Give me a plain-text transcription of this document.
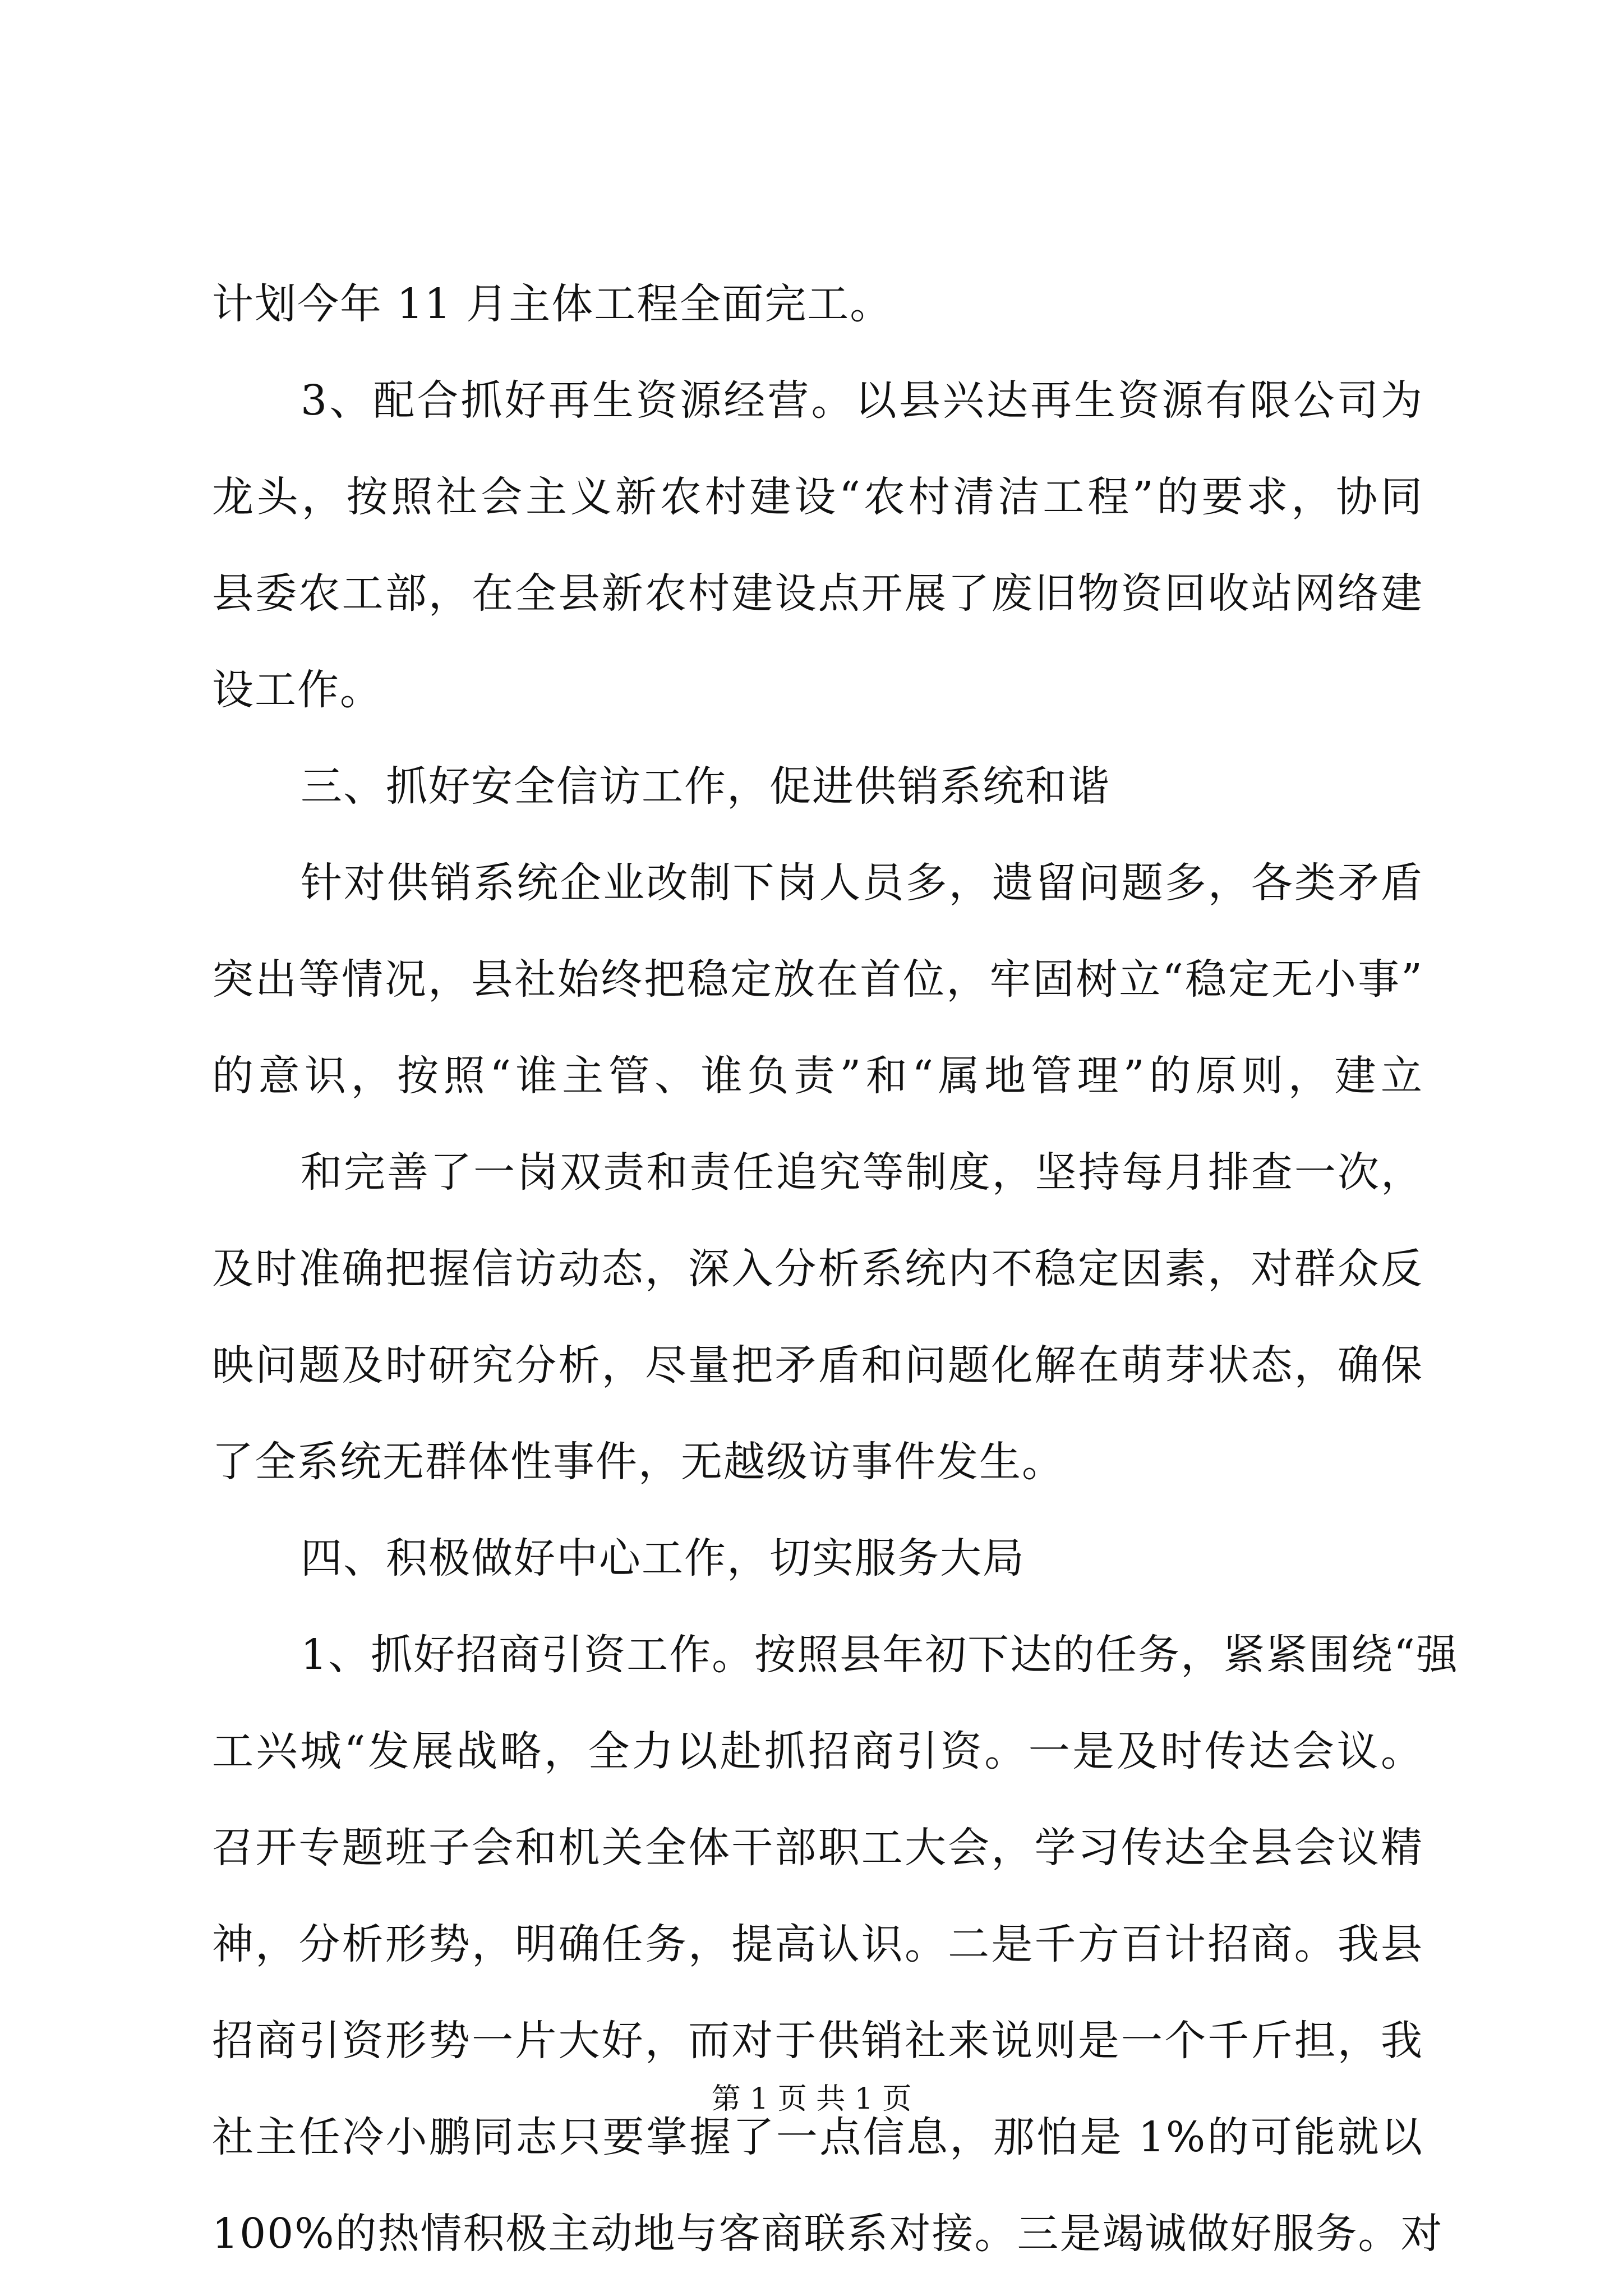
计划今年 11 月主体工程全面完工。
3、配合抓好再生资源经营。以县兴达再生资源有限公司为
龙头，按照社会主义新农村建设“农村清洁工程”的要求，协同
县委农工部，在全县新农村建设点开展了废旧物资回收站网络建
设工作。
三、抓好安全信访工作，促进供销系统和谐
针对供销系统企业改制下岗人员多，遗留问题多，各类矛盾
突出等情况，县社始终把稳定放在首位，牢固树立“稳定无小事”
的意识，按照“谁主管、谁负责”和“属地管理”的原则，建立
和完善了一岗双责和责任追究等制度，坚持每月排查一次，
及时准确把握信访动态，深入分析系统内不稳定因素，对群众反
映问题及时研究分析，尽量把矛盾和问题化解在萌芽状态，确保
了全系统无群体性事件，无越级访事件发生。
四、积极做好中心工作，切实服务大局
1、抓好招商引资工作。按照县年初下达的任务，紧紧围绕“强
工兴城“发展战略，全力以赴抓招商引资。一是及时传达会议。
召开专题班子会和机关全体干部职工大会，学习传达全县会议精
神，分析形势，明确任务，提高认识。二是千方百计招商。我县
招商引资形势一片大好，而对于供销社来说则是一个千斤担，我
社主任冷小鹏同志只要掌握了一点信息，那怕是 1%的可能就以
100%的热情积极主动地与客商联系对接。三是竭诚做好服务。对
第 1 页 共 1 页
